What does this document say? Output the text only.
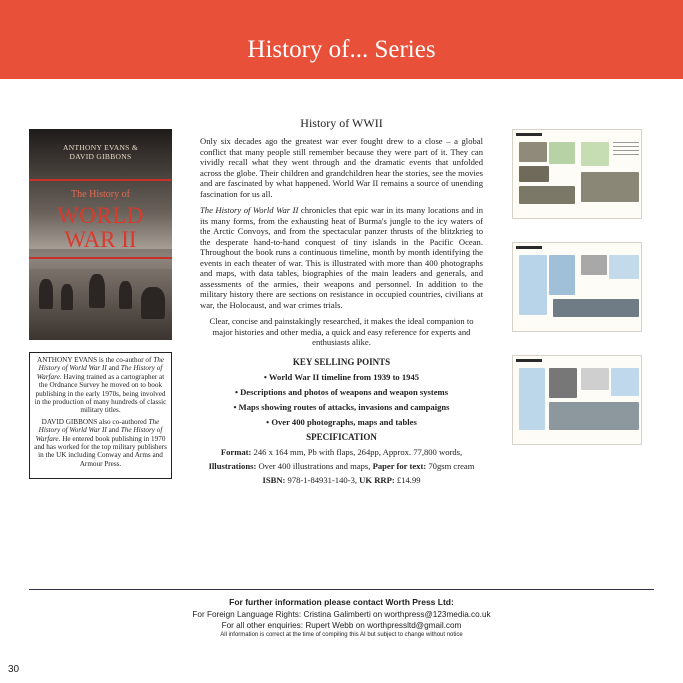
History of... Series
ANTHONY EVANS &
DAVID GIBBONS
The History of
WORLD
WAR II

ANTHONY EVANS is the co-author of The History of World War II and The History of Warfare. Having trained as a cartographer at the Ordnance Survey he moved on to book publishing in the early 1970s, being involved in the production of many hundreds of classic military titles.

DAVID GIBBONS also co-authored The History of World War II and The History of Warfare. He entered book publishing in 1970 and has worked for the top military publishers in the UK including Conway and Arms and Armour Press.

History of WWII

Only six decades ago the greatest war ever fought drew to a close – a global conflict that many people still remember because they were part of it. They can vividly recall what they went through and the dramatic events that unfolded across the globe. Their children and grandchildren hear the stories, see the movies and are fascinated by what happened. World War II remains a source of unending fascination for us all.

The History of World War II chronicles that epic war in its many locations and in its many forms, from the exhausting heat of Burma's jungle to the icy waters of the Arctic Convoys, and from the spectacular panzer thrusts of the blitzkrieg to the desperate hand-to-hand conquest of tiny islands in the Pacific Ocean. Throughout the book runs a continuous timeline, month by month identifying the events in each theater of war. This is illustrated with more than 400 photographs and maps, with data tables, biographies of the main leaders and generals, and assessments of the armies, their weapons and personnel. In addition to the military history there are sections on resistance in occupied countries, civilians at war, the Holocaust, and war crimes trials.

Clear, concise and painstakingly researched, it makes the ideal companion to major histories and other media, a quick and easy reference for experts and enthusiasts alike.

KEY SELLING POINTS
• World War II timeline from 1939 to 1945
• Descriptions and photos of weapons and weapon systems
• Maps showing routes of attacks, invasions and campaigns
• Over 400 photographs, maps and tables
SPECIFICATION
Format: 246 x 164 mm, Pb with flaps, 264pp, Approx. 77,800 words,
Illustrations: Over 400 illustrations and maps, Paper for text: 70gsm cream
ISBN: 978-1-84931-140-3, UK RRP: £14.99
For further information please contact Worth Press Ltd:
For Foreign Language Rights: Cristina Galimberti on worthpress@123media.co.uk
For all other enquiries: Rupert Webb on worthpressltd@gmail.com
All information is correct at the time of compiling this AI but subject to change without notice
30
